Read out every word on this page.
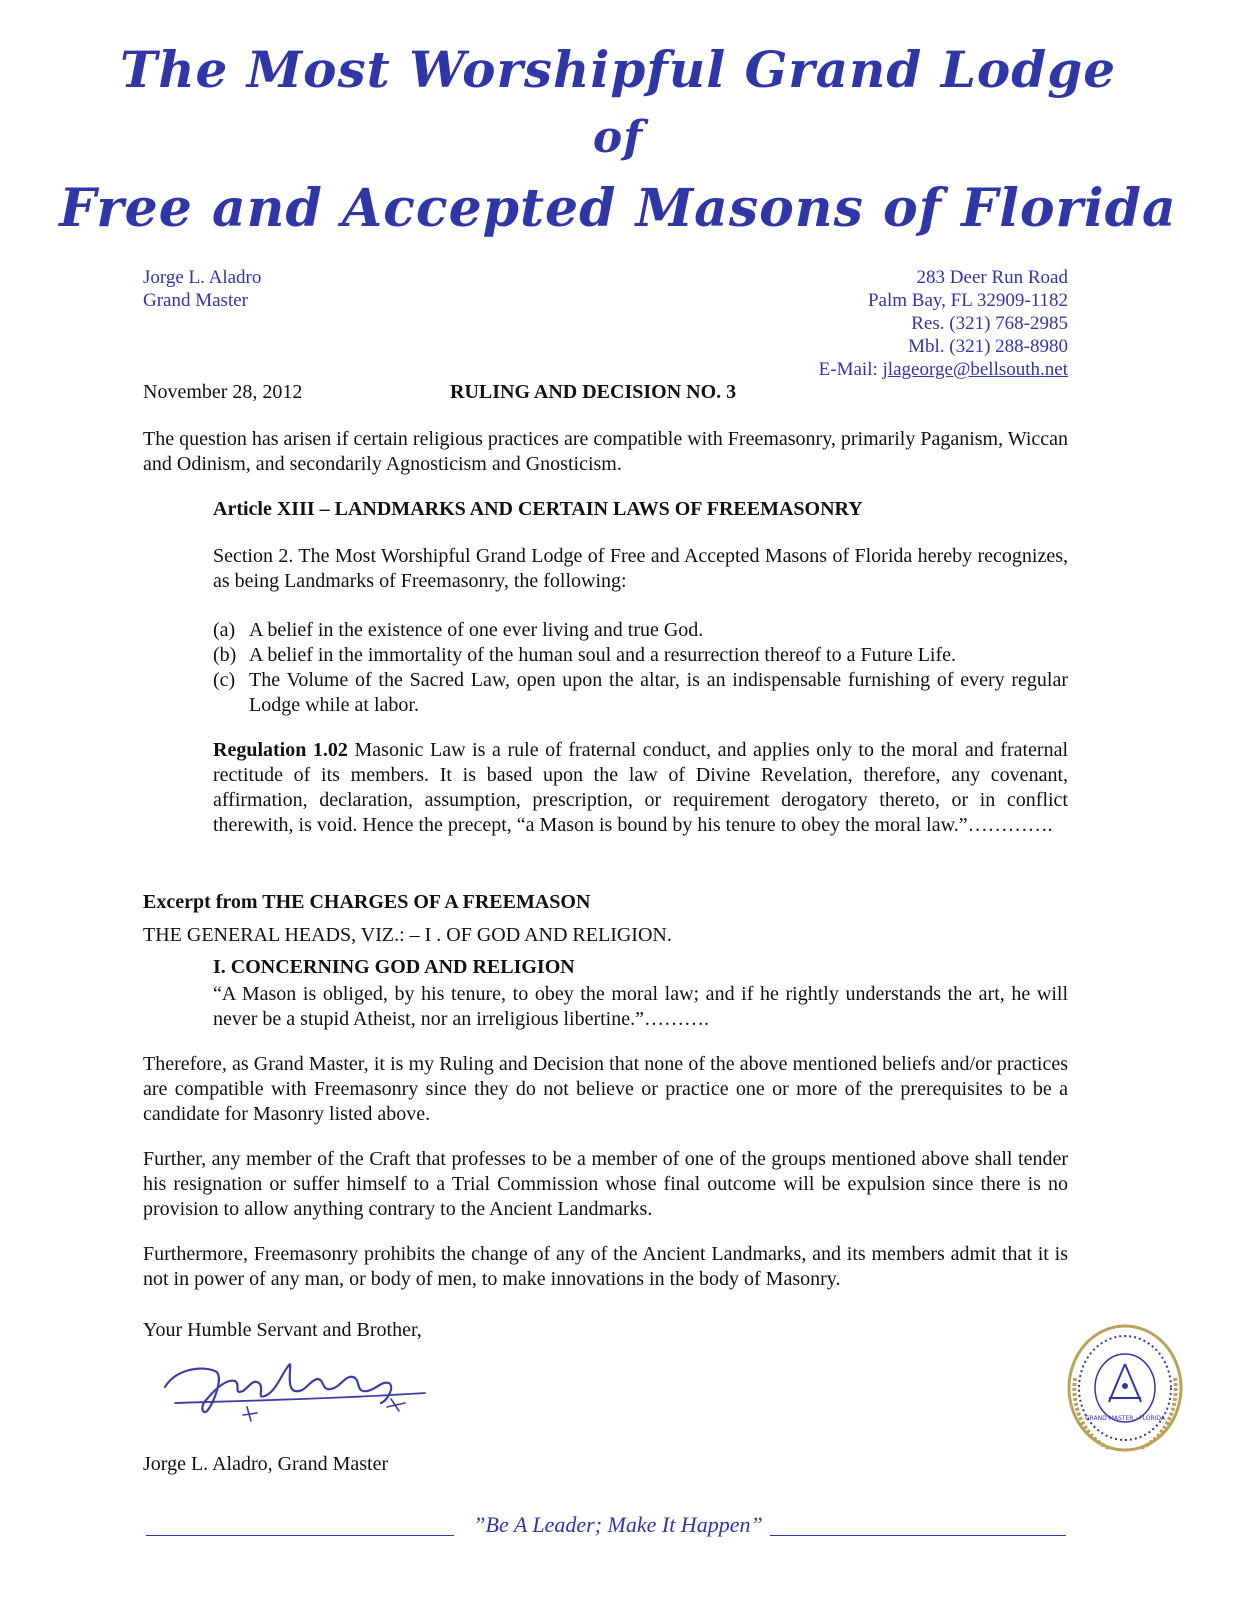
The Most Worshipful Grand Lodge
of
Free and Accepted Masons of Florida
Jorge L. Aladro
Grand Master
283 Deer Run Road
Palm Bay, FL 32909-1182
Res. (321) 768-2985
Mbl. (321) 288-8980
E-Mail: jlageorge@bellsouth.net
November 28, 2012	RULING AND DECISION NO. 3
The question has arisen if certain religious practices are compatible with Freemasonry, primarily Paganism, Wiccan and Odinism, and secondarily Agnosticism and Gnosticism.
Article XIII – LANDMARKS AND CERTAIN LAWS OF FREEMASONRY
Section 2. The Most Worshipful Grand Lodge of Free and Accepted Masons of Florida hereby recognizes, as being Landmarks of Freemasonry, the following:
(a) A belief in the existence of one ever living and true God.
(b) A belief in the immortality of the human soul and a resurrection thereof to a Future Life.
(c) The Volume of the Sacred Law, open upon the altar, is an indispensable furnishing of every regular Lodge while at labor.
Regulation 1.02 Masonic Law is a rule of fraternal conduct, and applies only to the moral and fraternal rectitude of its members. It is based upon the law of Divine Revelation, therefore, any covenant, affirmation, declaration, assumption, prescription, or requirement derogatory thereto, or in conflict therewith, is void. Hence the precept, “a Mason is bound by his tenure to obey the moral law.”………….
Excerpt from THE CHARGES OF A FREEMASON
THE GENERAL HEADS, VIZ.: – I . OF GOD AND RELIGION.
I. CONCERNING GOD AND RELIGION
“A Mason is obliged, by his tenure, to obey the moral law; and if he rightly understands the art, he will never be a stupid Atheist, nor an irreligious libertine.”……….
Therefore, as Grand Master, it is my Ruling and Decision that none of the above mentioned beliefs and/or practices are compatible with Freemasonry since they do not believe or practice one or more of the prerequisites to be a candidate for Masonry listed above.
Further, any member of the Craft that professes to be a member of one of the groups mentioned above shall tender his resignation or suffer himself to a Trial Commission whose final outcome will be expulsion since there is no provision to allow anything contrary to the Ancient Landmarks.
Furthermore, Freemasonry prohibits the change of any of the Ancient Landmarks, and its members admit that it is not in power of any man, or body of men, to make innovations in the body of Masonry.
Your Humble Servant and Brother,
GRAND MASTER · FLORIDA
Jorge L. Aladro, Grand Master
”Be A Leader; Make It Happen”
